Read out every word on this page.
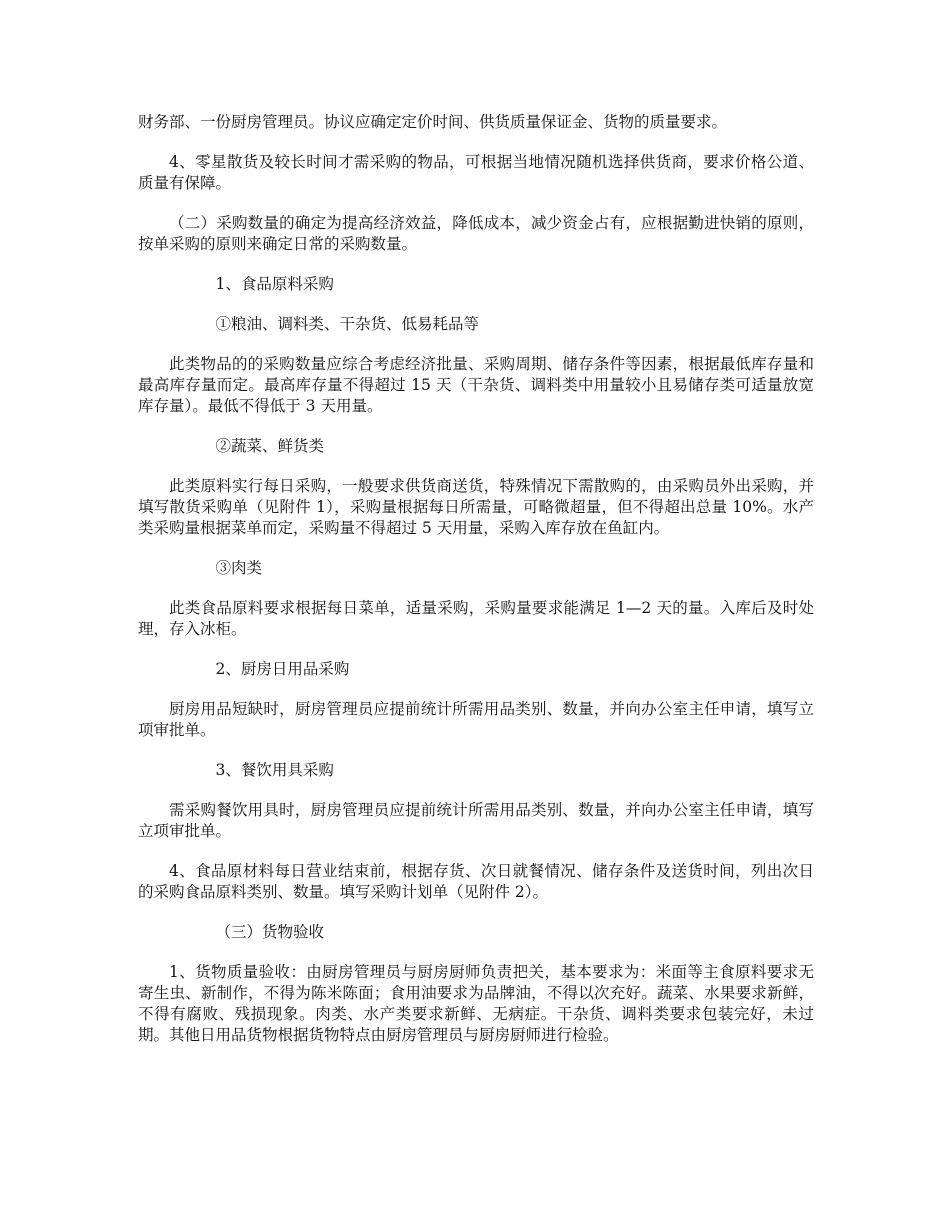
财务部、一份厨房管理员。协议应确定定价时间、供货质量保证金、货物的质量要求。

4、零星散货及较长时间才需采购的物品，可根据当地情况随机选择供货商，要求价格公道、质量有保障。

（二）采购数量的确定为提高经济效益，降低成本，减少资金占有，应根据勤进快销的原则，按单采购的原则来确定日常的采购数量。

1、食品原料采购

①粮油、调料类、干杂货、低易耗品等

此类物品的的采购数量应综合考虑经济批量、采购周期、储存条件等因素，根据最低库存量和最高库存量而定。最高库存量不得超过 15 天（干杂货、调料类中用量较小且易储存类可适量放宽库存量）。最低不得低于 3 天用量。

②蔬菜、鲜货类

此类原料实行每日采购，一般要求供货商送货，特殊情况下需散购的，由采购员外出采购，并填写散货采购单（见附件 1），采购量根据每日所需量，可略微超量，但不得超出总量 10%。水产类采购量根据菜单而定，采购量不得超过 5 天用量，采购入库存放在鱼缸内。

③肉类

此类食品原料要求根据每日菜单，适量采购，采购量要求能满足 1—2 天的量。入库后及时处理，存入冰柜。

2、厨房日用品采购

厨房用品短缺时，厨房管理员应提前统计所需用品类别、数量，并向办公室主任申请，填写立项审批单。

3、餐饮用具采购

需采购餐饮用具时，厨房管理员应提前统计所需用品类别、数量，并向办公室主任申请，填写立项审批单。

4、食品原材料每日营业结束前，根据存货、次日就餐情况、储存条件及送货时间，列出次日的采购食品原料类别、数量。填写采购计划单（见附件 2）。

（三）货物验收

1、货物质量验收：由厨房管理员与厨房厨师负责把关，基本要求为：米面等主食原料要求无寄生虫、新制作，不得为陈米陈面；食用油要求为品牌油，不得以次充好。蔬菜、水果要求新鲜，不得有腐败、残损现象。肉类、水产类要求新鲜、无病症。干杂货、调料类要求包装完好，未过期。其他日用品货物根据货物特点由厨房管理员与厨房厨师进行检验。
